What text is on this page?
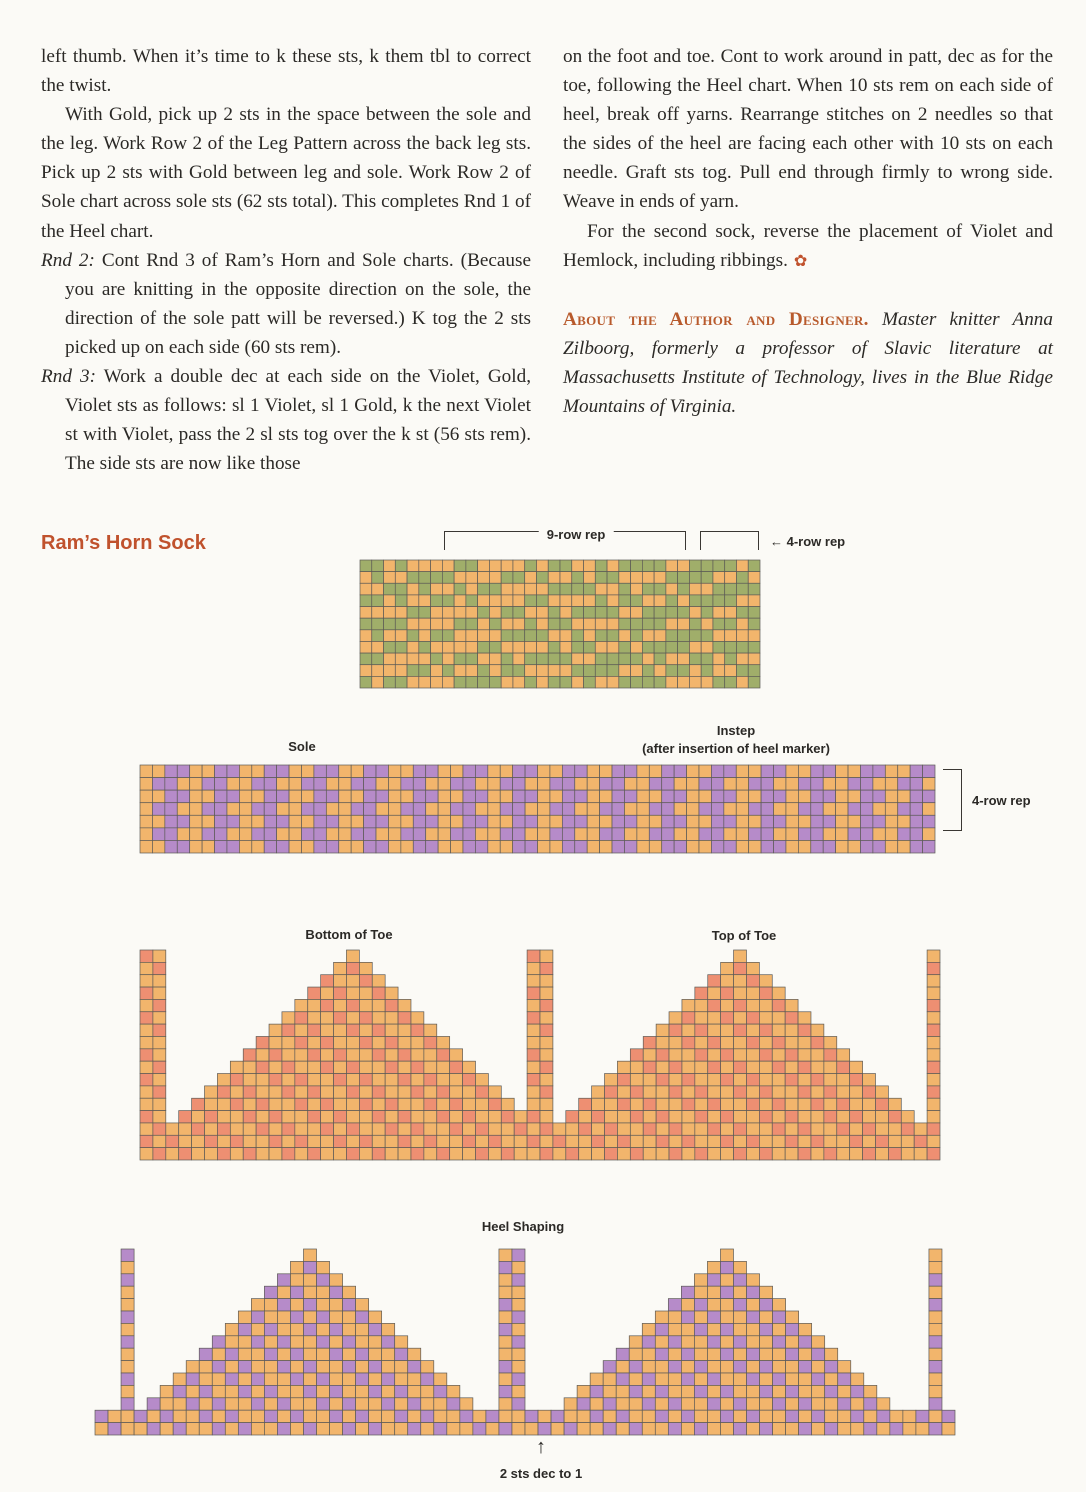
left thumb. When it’s time to k these sts, k them tbl to correct the twist.

With Gold, pick up 2 sts in the space between the sole and the leg. Work Row 2 of the Leg Pattern across the back leg sts. Pick up 2 sts with Gold between leg and sole. Work Row 2 of Sole chart across sole sts (62 sts total). This completes Rnd 1 of the Heel chart.

Rnd 2: Cont Rnd 3 of Ram’s Horn and Sole charts. (Because you are knitting in the opposite direction on the sole, the direction of the sole patt will be reversed.) K tog the 2 sts picked up on each side (60 sts rem).

Rnd 3: Work a double dec at each side on the Violet, Gold, Violet sts as follows: sl 1 Violet, sl 1 Gold, k the next Violet st with Violet, pass the 2 sl sts tog over the k st (56 sts rem). The side sts are now like those

on the foot and toe. Cont to work around in patt, dec as for the toe, following the Heel chart. When 10 sts rem on each side of heel, break off yarns. Rearrange stitches on 2 needles so that the sides of the heel are facing each other with 10 sts on each needle. Graft sts tog. Pull end through firmly to wrong side. Weave in ends of yarn.

For the second sock, reverse the placement of Violet and Hemlock, including ribbings. ✿

About the Author and Designer. Master knitter Anna Zilboorg, formerly a professor of Slavic literature at Massachusetts Institute of Technology, lives in the Blue Ridge Mountains of Virginia.

Ram’s Horn Sock	9-row rep	← 4-row rep
Sole
Instep
(after insertion of heel marker)
4-row rep
Bottom of Toe	Top of Toe
Heel Shaping
↑
2 sts dec to 1
